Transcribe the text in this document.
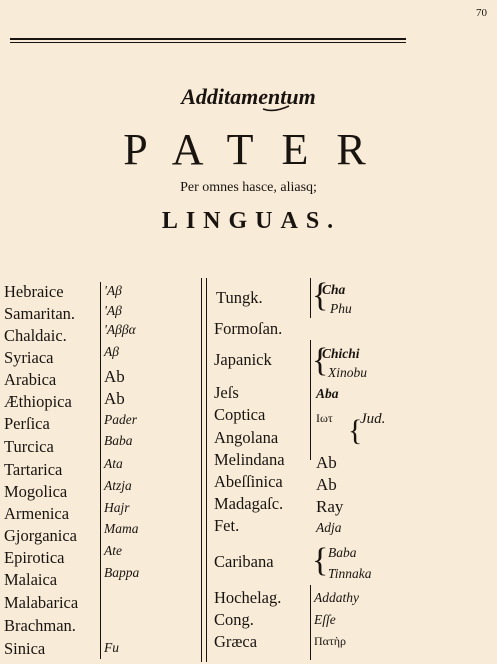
70
Additamentum
PATER
Per omnes hasce, aliasq;
LINGUAS.
Hebraice
Samaritan.
Chaldaic.
Syriaca
Arabica
Æthiopica
Perſica
Turcica
Tartarica
Mogolica
Armenica
Gjorganica
Epirotica
Malaica
Malabarica
Brachman.
Sinica
'Aβ
'Aβ
'Aββα
Aβ
Ab
Ab
Pader
Baba
Ata
Atzja
Hajr
Mama
Ate
Bappa
Fu
Tungk.
Formoſan.
Japanick
Jeſs
Coptica
Angolana
Melindana
Abeſſinica
Madagaſc.
Fet.
Caribana
Hochelag.
Cong.
Græca
{
{
{
{
Cha
Phu
Chichi
Xinobu
Aba
Ιωτ Jud.
Ab
Ab
Ray
Adja
Baba
Tinnaka
Addathy
Eſſe
Πατὴρ
